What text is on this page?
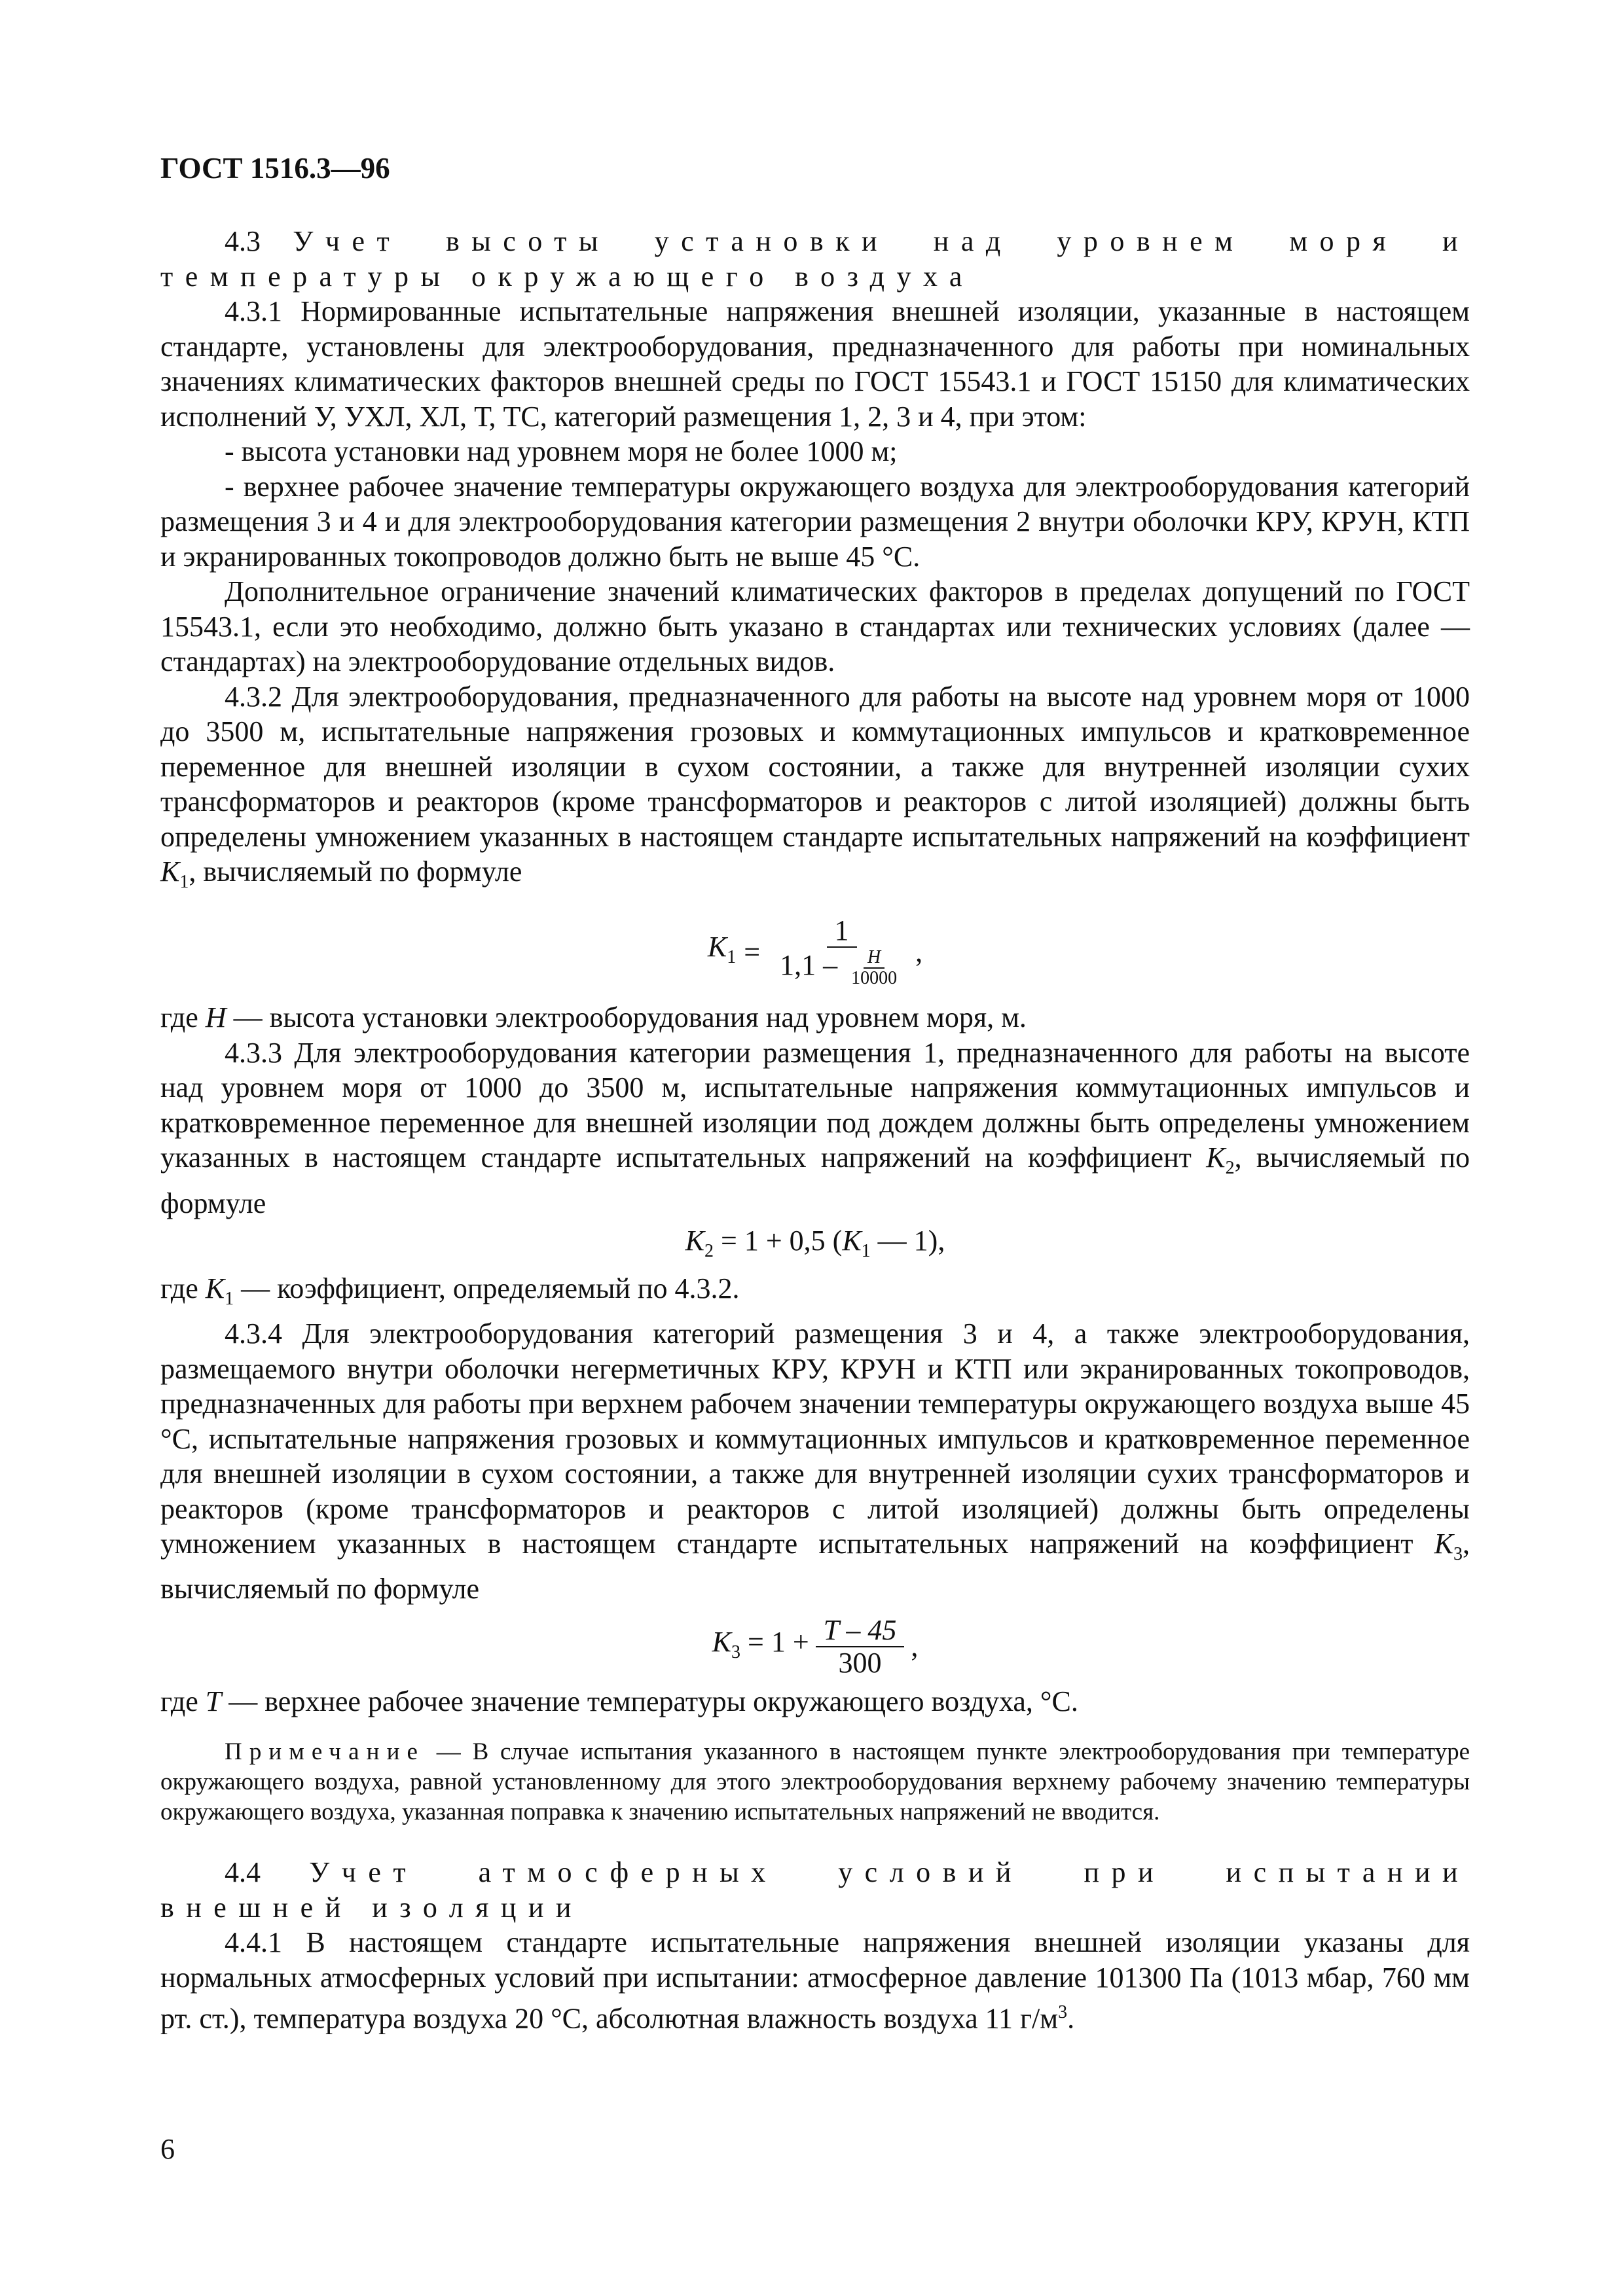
ГОСТ 1516.3—96

4.3 Учет высоты установки над уровнем моря и температуры окружающего воздуха

4.3.1 Нормированные испытательные напряжения внешней изоляции, указанные в настоящем стандарте, установлены для электрооборудования, предназначенного для работы при номинальных значениях климатических факторов внешней среды по ГОСТ 15543.1 и ГОСТ 15150 для климатических исполнений У, УХЛ, ХЛ, Т, ТС, категорий размещения 1, 2, 3 и 4, при этом:

- высота установки над уровнем моря не более 1000 м;

- верхнее рабочее значение температуры окружающего воздуха для электрооборудования категорий размещения 3 и 4 и для электрооборудования категории размещения 2 внутри оболочки КРУ, КРУН, КТП и экранированных токопроводов должно быть не выше 45 °С.

Дополнительное ограничение значений климатических факторов в пределах допущений по ГОСТ 15543.1, если это необходимо, должно быть указано в стандартах или технических условиях (далее — стандартах) на электрооборудование отдельных видов.

4.3.2 Для электрооборудования, предназначенного для работы на высоте над уровнем моря от 1000 до 3500 м, испытательные напряжения грозовых и коммутационных импульсов и кратковременное переменное для внешней изоляции в сухом состоянии, а также для внутренней изоляции сухих трансформаторов и реакторов (кроме трансформаторов и реакторов с литой изоляцией) должны быть определены умножением указанных в настоящем стандарте испытательных напряжений на коэффициент $K_1$, вычисляемый по формуле

$K_1 = \frac{1}{1,1 - \frac{H}{10000}}$ ,

где H — высота установки электрооборудования над уровнем моря, м.

4.3.3 Для электрооборудования категории размещения 1, предназначенного для работы на высоте над уровнем моря от 1000 до 3500 м, испытательные напряжения коммутационных импульсов и кратковременное переменное для внешней изоляции под дождем должны быть определены умножением указанных в настоящем стандарте испытательных напряжений на коэффициент $K_2$, вычисляемый по формуле

$K_2 = 1 + 0,5$ ($K_1$ — 1),

где $K_1$ — коэффициент, определяемый по 4.3.2.

4.3.4 Для электрооборудования категорий размещения 3 и 4, а также электрооборудования, размещаемого внутри оболочки негерметичных КРУ, КРУН и КТП или экранированных токопроводов, предназначенных для работы при верхнем рабочем значении температуры окружающего воздуха выше 45 °С, испытательные напряжения грозовых и коммутационных импульсов и кратковременное переменное для внешней изоляции в сухом состоянии, а также для внутренней изоляции сухих трансформаторов и реакторов (кроме трансформаторов и реакторов с литой изоляцией) должны быть определены умножением указанных в настоящем стандарте испытательных напряжений на коэффициент $K_3$, вычисляемый по формуле

$K_3 = 1 + \frac{T - 45}{300}$ ,

где T — верхнее рабочее значение температуры окружающего воздуха, °С.

Примечание — В случае испытания указанного в настоящем пункте электрооборудования при температуре окружающего воздуха, равной установленному для этого электрооборудования верхнему рабочему значению температуры окружающего воздуха, указанная поправка к значению испытательных напряжений не вводится.

4.4 Учет атмосферных условий при испытании внешней изоляции

4.4.1 В настоящем стандарте испытательные напряжения внешней изоляции указаны для нормальных атмосферных условий при испытании: атмосферное давление 101300 Па (1013 мбар, 760 мм рт. ст.), температура воздуха 20 °С, абсолютная влажность воздуха 11 $г/м^3$.

6
